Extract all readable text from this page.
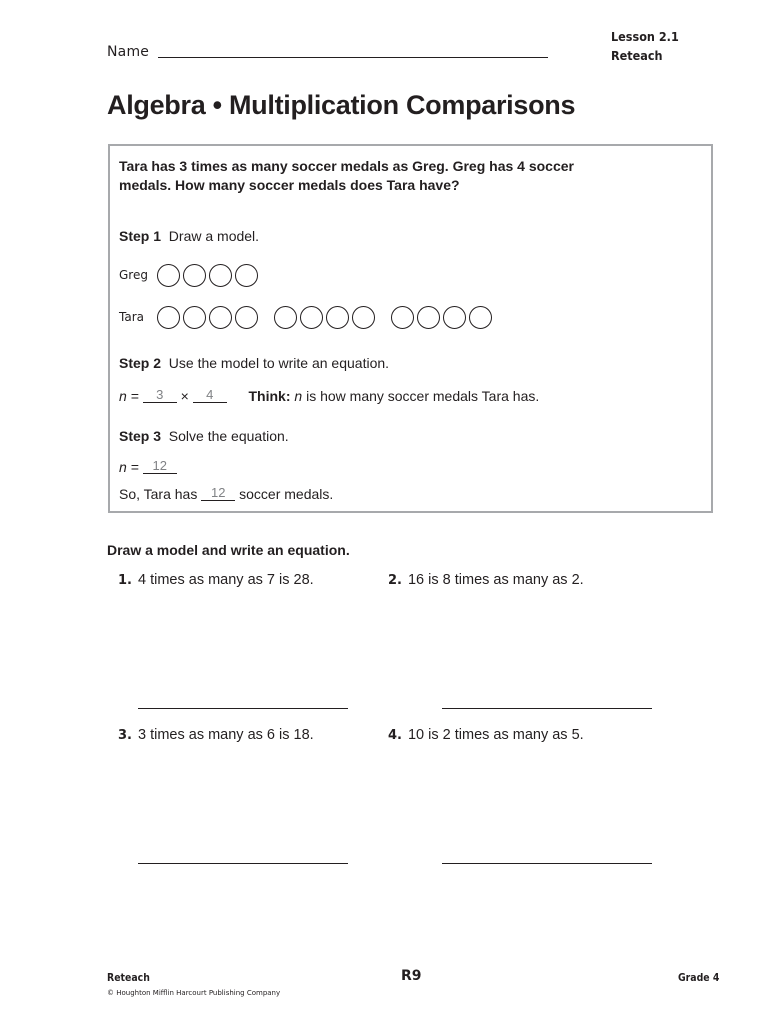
Name
Lesson 2.1
Reteach
Algebra • Multiplication Comparisons
Tara has 3 times as many soccer medals as Greg. Greg has 4 soccer medals. How many soccer medals does Tara have?
Step 1 Draw a model.
Greg
Tara
Step 2 Use the model to write an equation.
n = 3 × 4	Think: n is how many soccer medals Tara has.
Step 3 Solve the equation.
n = 12
So, Tara has 12 soccer medals.
Draw a model and write an equation.
1. 4 times as many as 7 is 28.	2. 16 is 8 times as many as 2.
3. 3 times as many as 6 is 18.	4. 10 is 2 times as many as 5.
Reteach
© Houghton Mifflin Harcourt Publishing Company
R9	Grade 4
